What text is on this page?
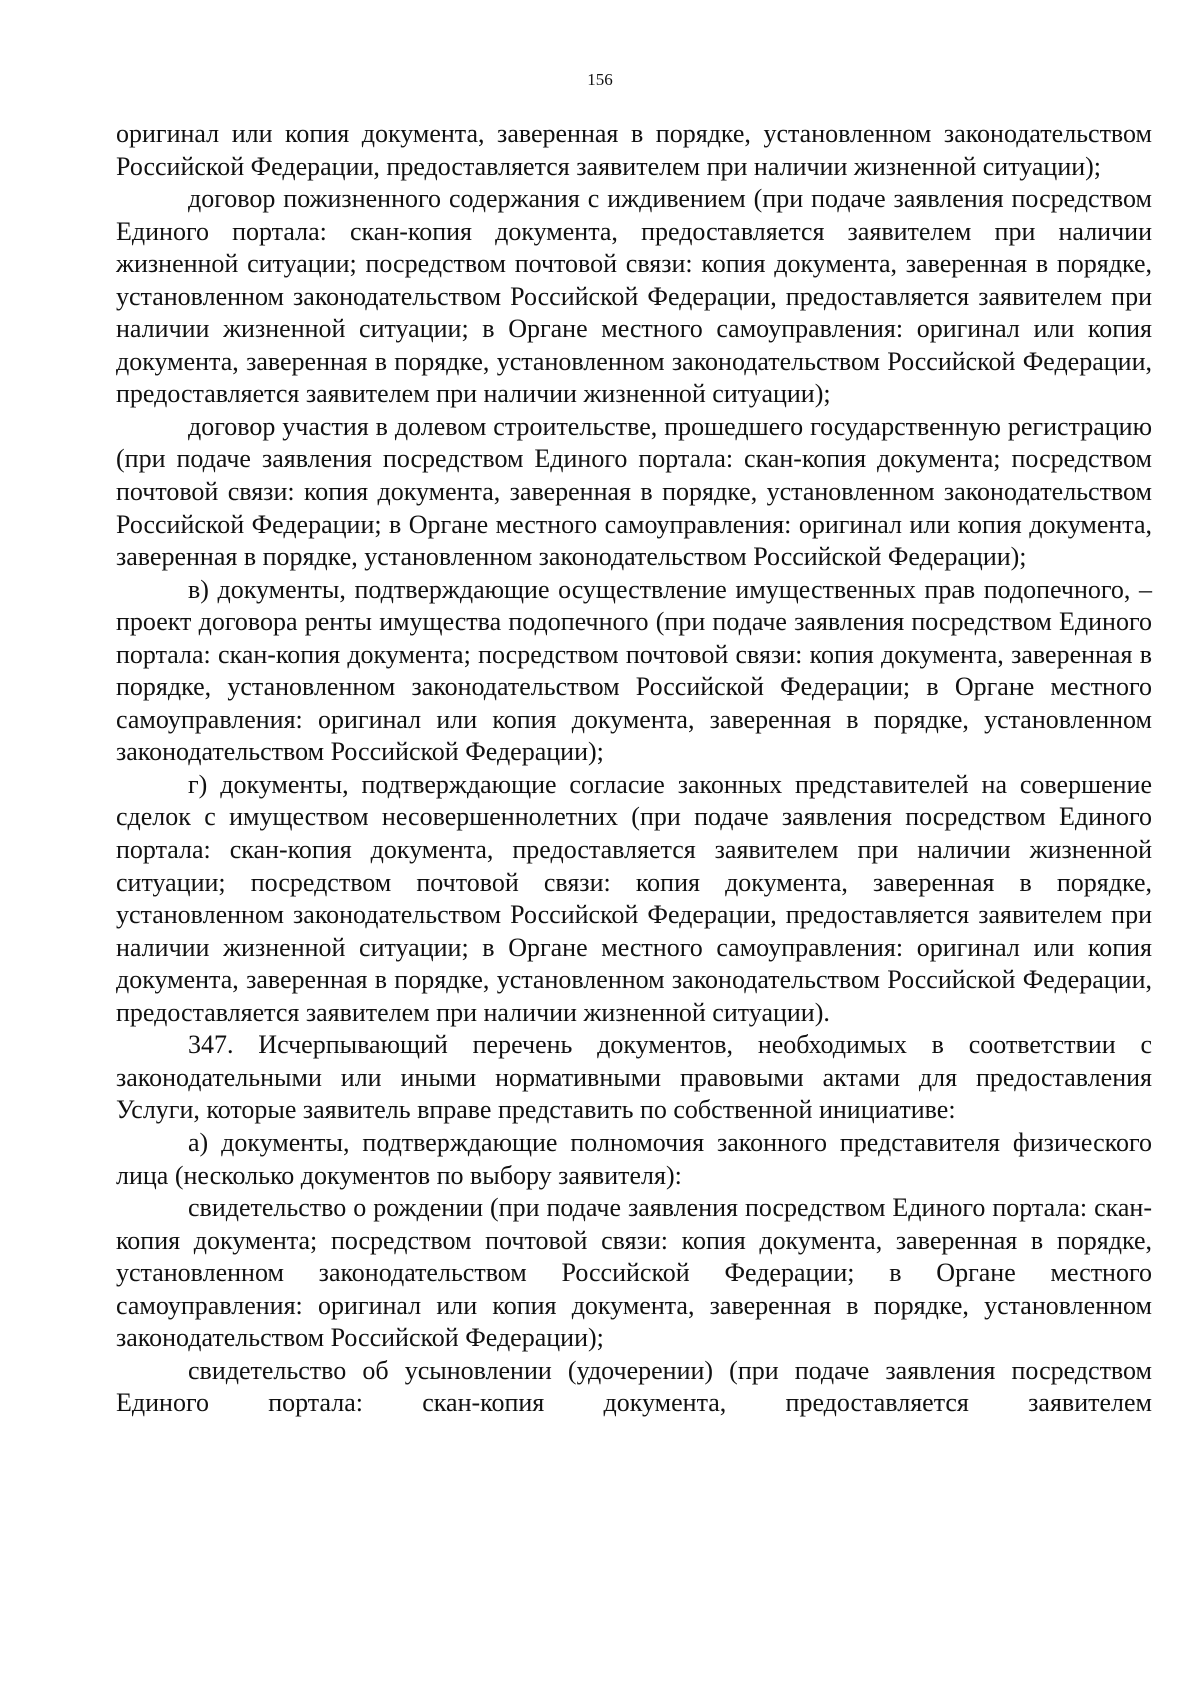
156

оригинал или копия документа, заверенная в порядке, установленном законодательством Российской Федерации, предоставляется заявителем при наличии жизненной ситуации);

договор пожизненного содержания с иждивением (при подаче заявления посредством Единого портала: скан-копия документа, предоставляется заявителем при наличии жизненной ситуации; посредством почтовой связи: копия документа, заверенная в порядке, установленном законодательством Российской Федерации, предоставляется заявителем при наличии жизненной ситуации; в Органе местного самоуправления: оригинал или копия документа, заверенная в порядке, установленном законодательством Российской Федерации, предоставляется заявителем при наличии жизненной ситуации);

договор участия в долевом строительстве, прошедшего государственную регистрацию (при подаче заявления посредством Единого портала: скан-копия документа; посредством почтовой связи: копия документа, заверенная в порядке, установленном законодательством Российской Федерации; в Органе местного самоуправления: оригинал или копия документа, заверенная в порядке, установленном законодательством Российской Федерации);

в) документы, подтверждающие осуществление имущественных прав подопечного, – проект договора ренты имущества подопечного (при подаче заявления посредством Единого портала: скан-копия документа; посредством почтовой связи: копия документа, заверенная в порядке, установленном законодательством Российской Федерации; в Органе местного самоуправления: оригинал или копия документа, заверенная в порядке, установленном законодательством Российской Федерации);

г) документы, подтверждающие согласие законных представителей на совершение сделок с имуществом несовершеннолетних (при подаче заявления посредством Единого портала: скан-копия документа, предоставляется заявителем при наличии жизненной ситуации; посредством почтовой связи: копия документа, заверенная в порядке, установленном законодательством Российской Федерации, предоставляется заявителем при наличии жизненной ситуации; в Органе местного самоуправления: оригинал или копия документа, заверенная в порядке, установленном законодательством Российской Федерации, предоставляется заявителем при наличии жизненной ситуации).

347. Исчерпывающий перечень документов, необходимых в соответствии с законодательными или иными нормативными правовыми актами для предоставления Услуги, которые заявитель вправе представить по собственной инициативе:

а) документы, подтверждающие полномочия законного представителя физического лица (несколько документов по выбору заявителя):

свидетельство о рождении (при подаче заявления посредством Единого портала: скан-копия документа; посредством почтовой связи: копия документа, заверенная в порядке, установленном законодательством Российской Федерации; в Органе местного самоуправления: оригинал или копия документа, заверенная в порядке, установленном законодательством Российской Федерации);

свидетельство об усыновлении (удочерении) (при подаче заявления посредством Единого портала: скан-копия документа, предоставляется заявителем
